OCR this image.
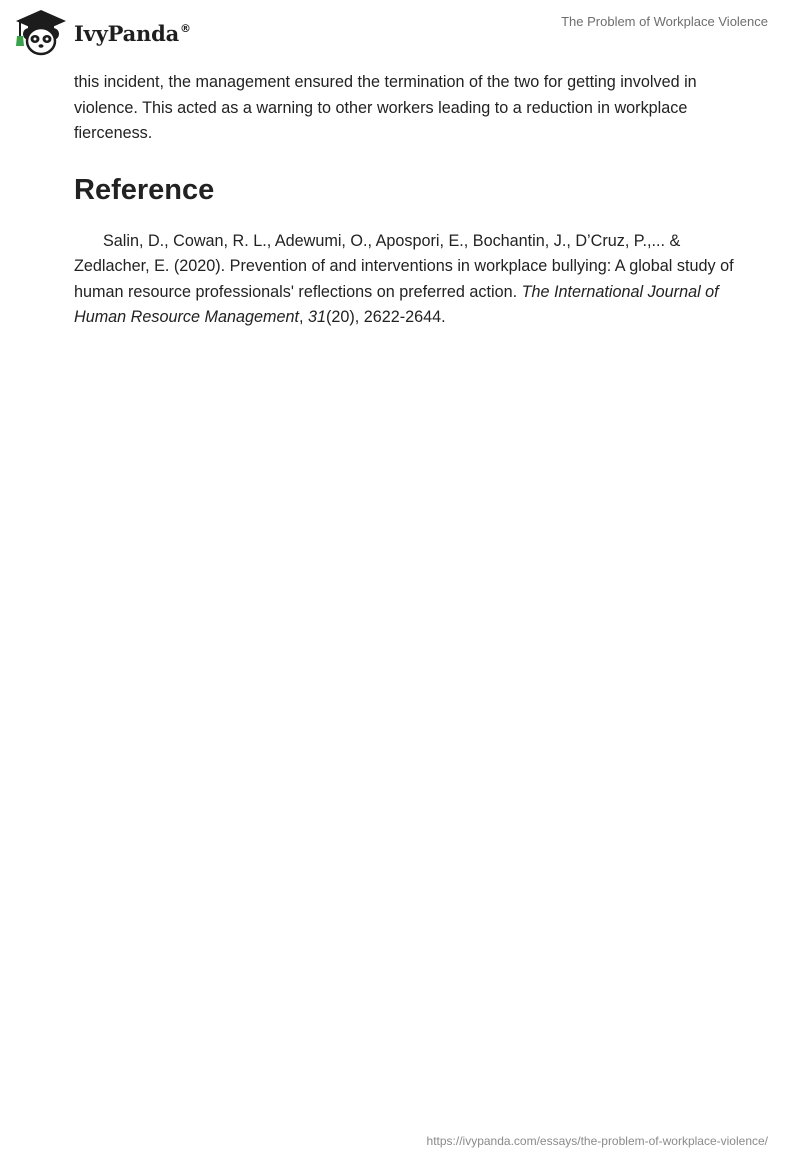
IvyPanda®	The Problem of Workplace Violence

this incident, the management ensured the termination of the two for getting involved in violence. This acted as a warning to other workers leading to a reduction in workplace fierceness.

Reference

Salin, D., Cowan, R. L., Adewumi, O., Apospori, E., Bochantin, J., D’Cruz, P.,... & Zedlacher, E. (2020). Prevention of and interventions in workplace bullying: A global study of human resource professionals' reflections on preferred action. The International Journal of Human Resource Management, 31(20), 2622-2644.

https://ivypanda.com/essays/the-problem-of-workplace-violence/
